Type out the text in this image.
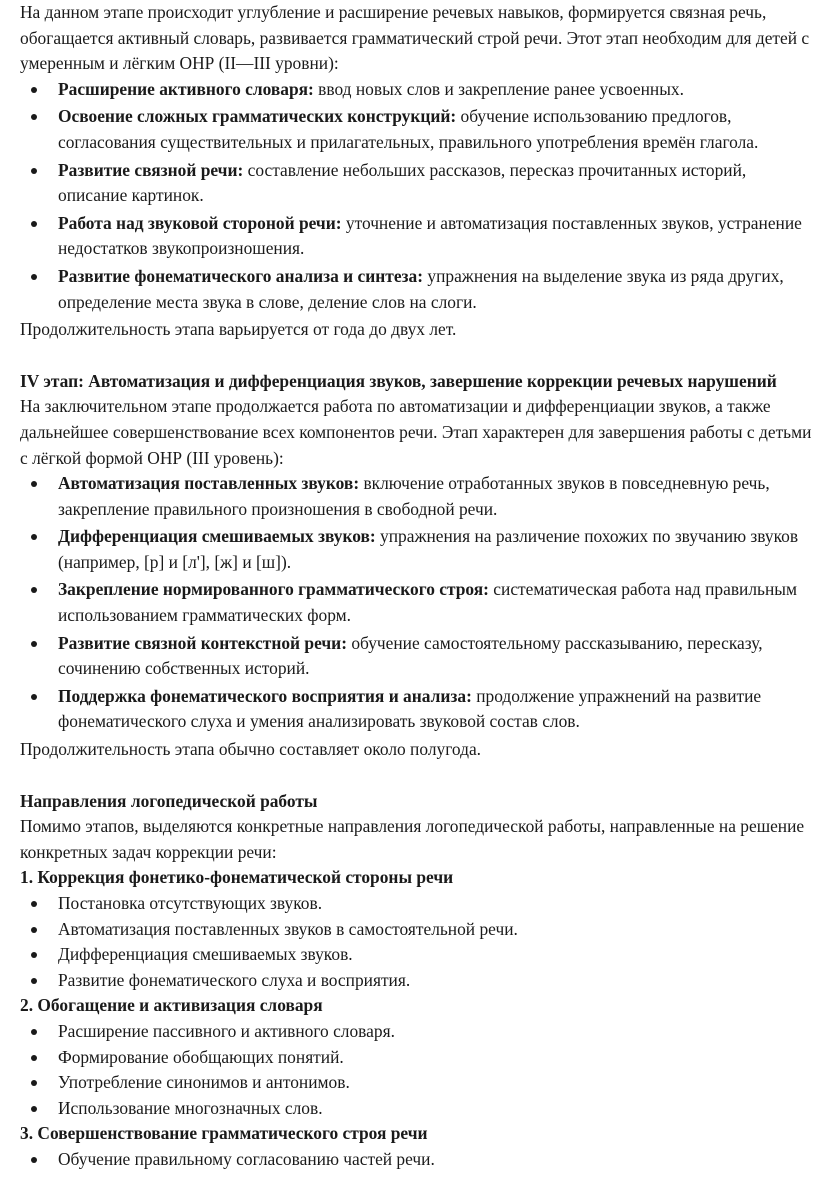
На данном этапе происходит углубление и расширение речевых навыков, формируется связная речь, обогащается активный словарь, развивается грамматический строй речи. Этот этап необходим для детей с умеренным и лёгким ОНР (II—III уровни):

Расширение активного словаря: ввод новых слов и закрепление ранее усвоенных.
Освоение сложных грамматических конструкций: обучение использованию предлогов, согласования существительных и прилагательных, правильного употребления времён глагола.
Развитие связной речи: составление небольших рассказов, пересказ прочитанных историй, описание картинок.
Работа над звуковой стороной речи: уточнение и автоматизация поставленных звуков, устранение недостатков звукопроизношения.
Развитие фонематического анализа и синтеза: упражнения на выделение звука из ряда других, определение места звука в слове, деление слов на слоги.

Продолжительность этапа варьируется от года до двух лет.

IV этап: Автоматизация и дифференциация звуков, завершение коррекции речевых нарушений

На заключительном этапе продолжается работа по автоматизации и дифференциации звуков, а также дальнейшее совершенствование всех компонентов речи. Этап характерен для завершения работы с детьми с лёгкой формой ОНР (III уровень):

Автоматизация поставленных звуков: включение отработанных звуков в повседневную речь, закрепление правильного произношения в свободной речи.
Дифференциация смешиваемых звуков: упражнения на различение похожих по звучанию звуков (например, [р] и [л'], [ж] и [ш]).
Закрепление нормированного грамматического строя: систематическая работа над правильным использованием грамматических форм.
Развитие связной контекстной речи: обучение самостоятельному рассказыванию, пересказу, сочинению собственных историй.
Поддержка фонематического восприятия и анализа: продолжение упражнений на развитие фонематического слуха и умения анализировать звуковой состав слов.

Продолжительность этапа обычно составляет около полугода.

Направления логопедической работы

Помимо этапов, выделяются конкретные направления логопедической работы, направленные на решение конкретных задач коррекции речи:

1. Коррекция фонетико-фонематической стороны речи

Постановка отсутствующих звуков.
Автоматизация поставленных звуков в самостоятельной речи.
Дифференциация смешиваемых звуков.
Развитие фонематического слуха и восприятия.

2. Обогащение и активизация словаря

Расширение пассивного и активного словаря.
Формирование обобщающих понятий.
Употребление синонимов и антонимов.
Использование многозначных слов.

3. Совершенствование грамматического строя речи

Обучение правильному согласованию частей речи.
